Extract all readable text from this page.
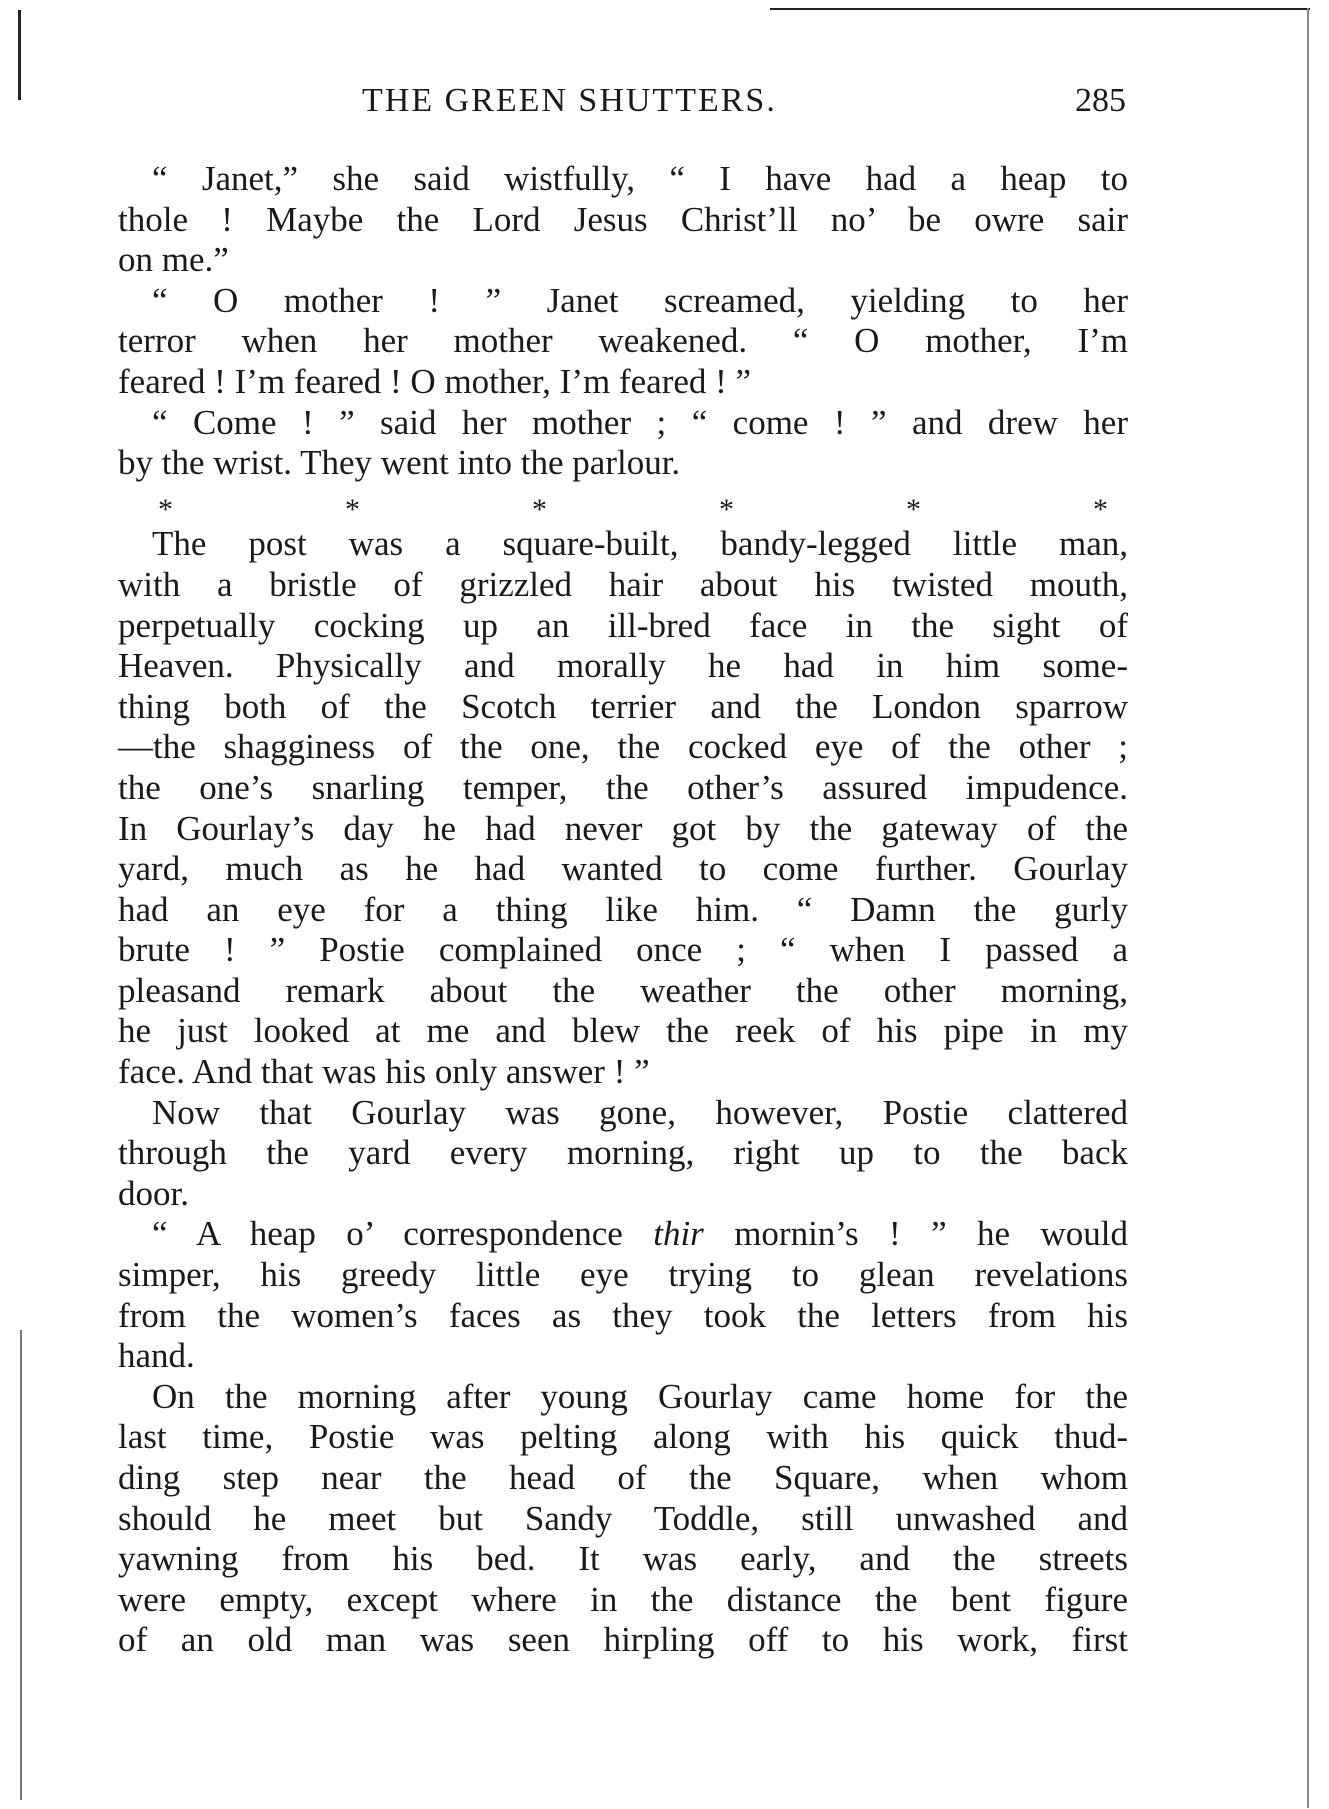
THE GREEN SHUTTERS.	285
“ Janet,” she said wistfully, “ I have had a heap to
thole ! Maybe the Lord Jesus Christ’ll no’ be owre sair
on me.”
“ O mother ! ” Janet screamed, yielding to her
terror when her mother weakened. “ O mother, I’m
feared ! I’m feared ! O mother, I’m feared ! ”
“ Come ! ” said her mother ; “ come ! ” and drew her
by the wrist. They went into the parlour.
*	*	*	*	*	*
The post was a square-built, bandy-legged little man,
with a bristle of grizzled hair about his twisted mouth,
perpetually cocking up an ill-bred face in the sight of
Heaven. Physically and morally he had in him some-
thing both of the Scotch terrier and the London sparrow
—the shagginess of the one, the cocked eye of the other ;
the one’s snarling temper, the other’s assured impudence.
In Gourlay’s day he had never got by the gateway of the
yard, much as he had wanted to come further. Gourlay
had an eye for a thing like him. “ Damn the gurly
brute ! ” Postie complained once ; “ when I passed a
pleasand remark about the weather the other morning,
he just looked at me and blew the reek of his pipe in my
face. And that was his only answer ! ”
Now that Gourlay was gone, however, Postie clattered
through the yard every morning, right up to the back
door.
“ A heap o’ correspondence thir mornin’s ! ” he would
simper, his greedy little eye trying to glean revelations
from the women’s faces as they took the letters from his
hand.
On the morning after young Gourlay came home for the
last time, Postie was pelting along with his quick thud-
ding step near the head of the Square, when whom
should he meet but Sandy Toddle, still unwashed and
yawning from his bed. It was early, and the streets
were empty, except where in the distance the bent figure
of an old man was seen hirpling off to his work, first
